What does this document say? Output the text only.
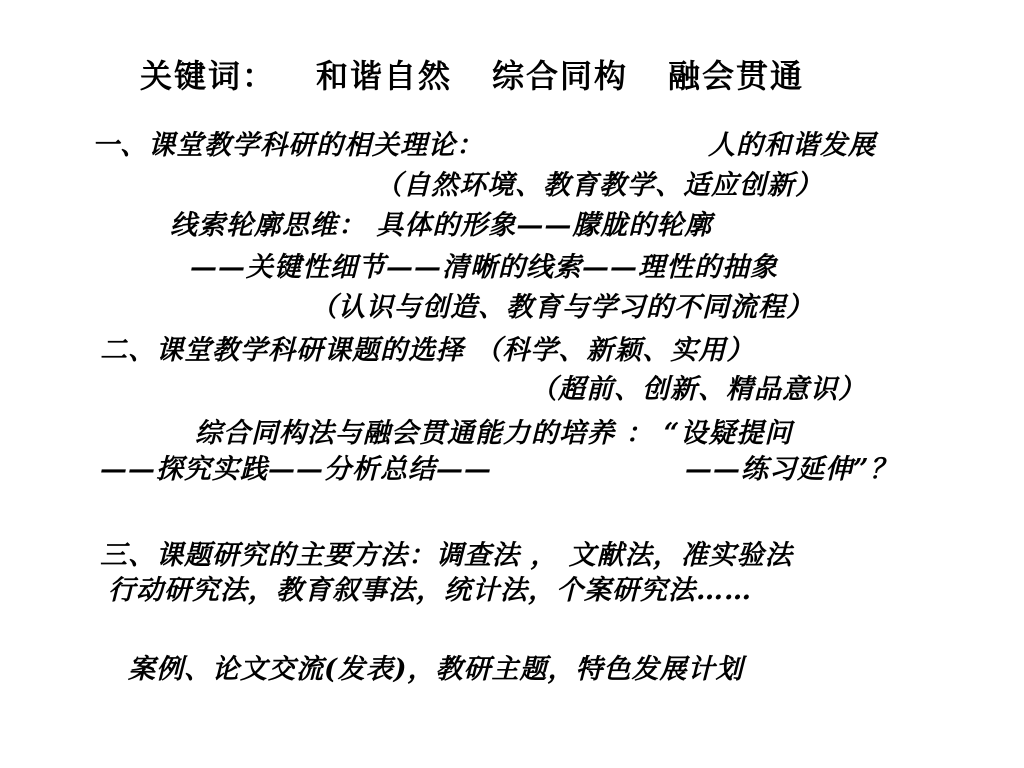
关键词： 和谐自然 综合同构 融会贯通
一、课堂教学科研的相关理论：	人的和谐发展
（自然环境、教育教学、适应创新）
线索轮廓思维： 具体的形象——朦胧的轮廓
——关键性细节——清晰的线索——理性的抽象
（认识与创造、教育与学习的不同流程）
二、课堂教学科研课题的选择 （科学、新颖、实用）
（超前、创新、精品意识）
综合同构法与融会贯通能力的培养 ： “设疑提问
——探究实践——分析总结——	——练习延伸”？
三、课题研究的主要方法：调查法 ， 文献法，准实验法
行动研究法，教育叙事法，统计法，个案研究法……
案例、论文交流(发表)，教研主题，特色发展计划
